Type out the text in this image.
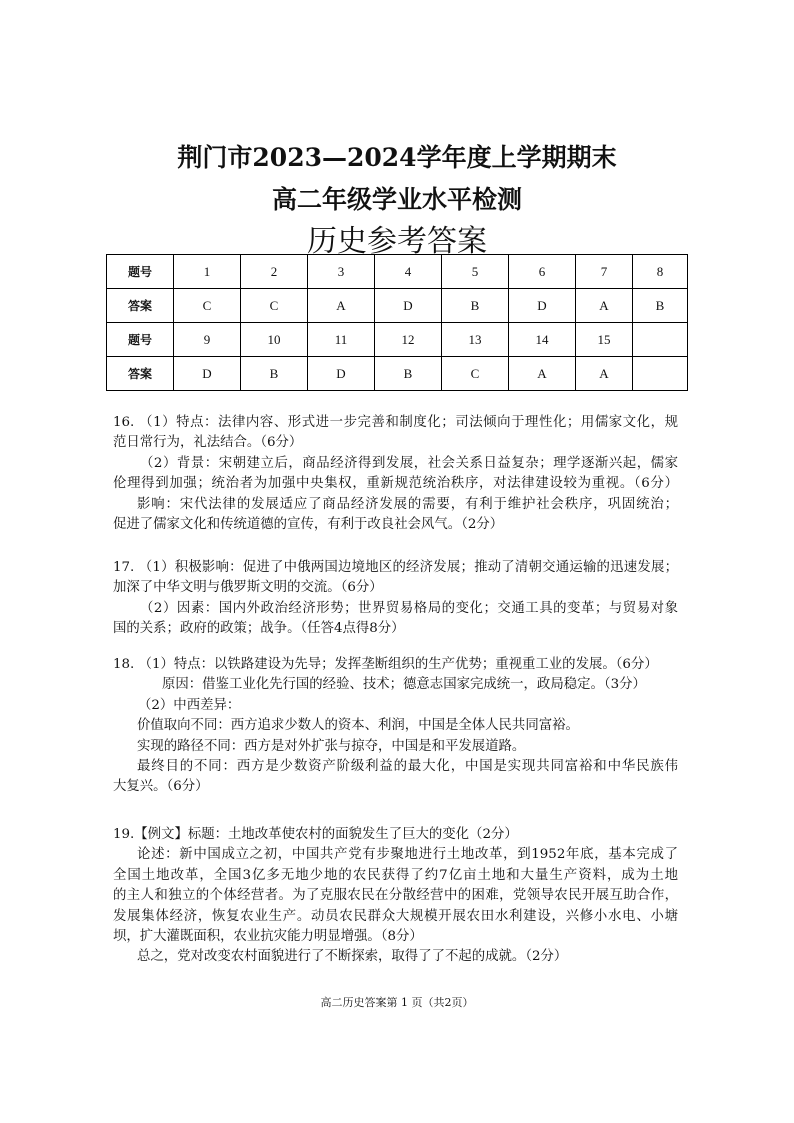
荆门市2023—2024学年度上学期期末
高二年级学业水平检测
历史参考答案
题号	1	2	3	4	5	6	7	8
答案	C	C	A	D	B	D	A	B
题号	9	10	11	12	13	14	15	
答案	D	B	D	B	C	A	A	
16. （1）特点：法律内容、形式进一步完善和制度化；司法倾向于理性化；用儒家文化，规
范日常行为，礼法结合。（6分）
（2）背景：宋朝建立后，商品经济得到发展，社会关系日益复杂；理学逐渐兴起，儒家
伦理得到加强；统治者为加强中央集权，重新规范统治秩序，对法律建设较为重视。（6分）
影响：宋代法律的发展适应了商品经济发展的需要，有利于维护社会秩序，巩固统治；
促进了儒家文化和传统道德的宣传，有利于改良社会风气。（2分）
17. （1）积极影响：促进了中俄两国边境地区的经济发展；推动了清朝交通运输的迅速发展；
加深了中华文明与俄罗斯文明的交流。（6分）
（2）因素：国内外政治经济形势；世界贸易格局的变化；交通工具的变革；与贸易对象
国的关系；政府的政策；战争。（任答4点得8分）
18. （1）特点：以铁路建设为先导；发挥垄断组织的生产优势；重视重工业的发展。（6分）
原因：借鉴工业化先行国的经验、技术；德意志国家完成统一，政局稳定。（3分）
（2）中西差异：
价值取向不同：西方追求少数人的资本、利润，中国是全体人民共同富裕。
实现的路径不同：西方是对外扩张与掠夺，中国是和平发展道路。
最终目的不同：西方是少数资产阶级利益的最大化，中国是实现共同富裕和中华民族伟
大复兴。（6分）
19.【例文】标题：土地改革使农村的面貌发生了巨大的变化（2分）
论述：新中国成立之初，中国共产党有步聚地进行土地改革，到1952年底，基本完成了
全国土地改革，全国3亿多无地少地的农民获得了约7亿亩土地和大量生产资料，成为土地
的主人和独立的个体经营者。为了克服农民在分散经营中的困难，党领导农民开展互助合作，
发展集体经济，恢复农业生产。动员农民群众大规模开展农田水利建设，兴修小水电、小塘
坝，扩大灌既面积，农业抗灾能力明显增强。（8分）
总之，党对改变农村面貌进行了不断探索，取得了了不起的成就。（2分）
高二历史答案第 1 页（共2页）
